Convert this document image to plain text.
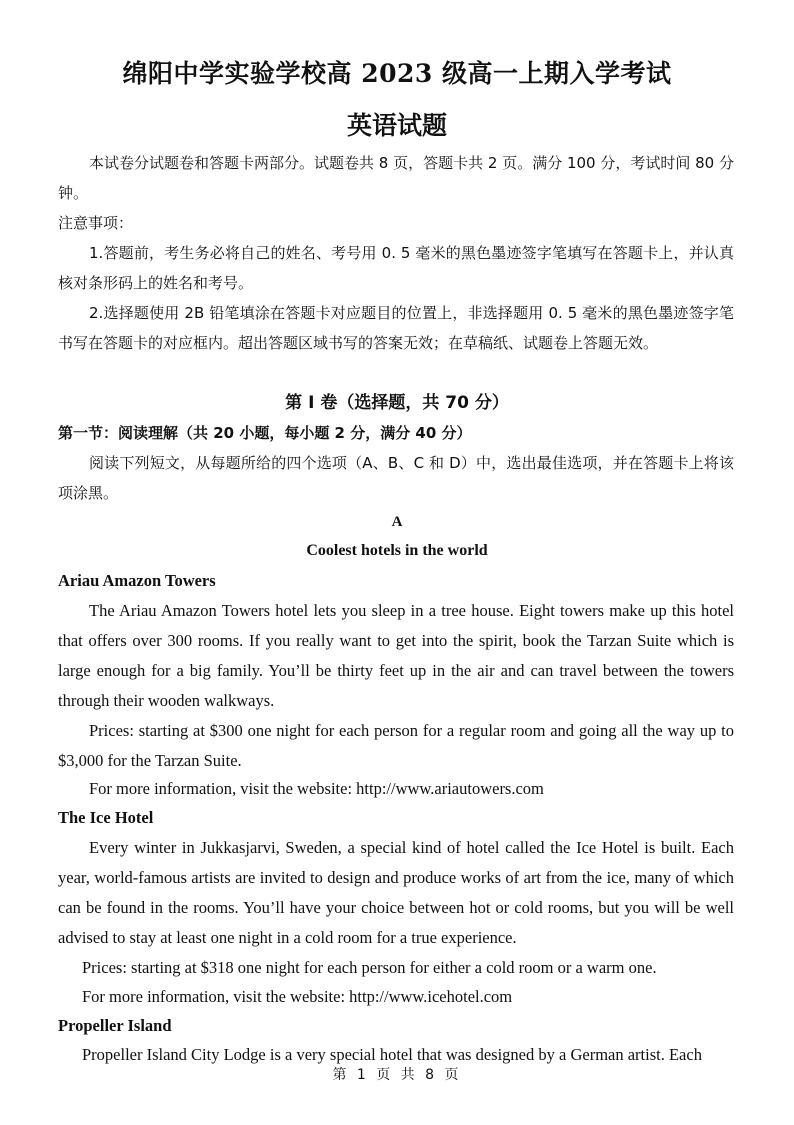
绵阳中学实验学校高 2023 级高一上期入学考试
英语试题
本试卷分试题卷和答题卡两部分。试题卷共 8 页，答题卡共 2 页。满分 100 分，考试时间 80 分钟。
注意事项：
1.答题前，考生务必将自己的姓名、考号用 0. 5 毫米的黑色墨迹签字笔填写在答题卡上，并认真核对条形码上的姓名和考号。
2.选择题使用 2B 铅笔填涂在答题卡对应题目的位置上，非选择题用 0. 5 毫米的黑色墨迹签字笔书写在答题卡的对应框内。超出答题区域书写的答案无效；在草稿纸、试题卷上答题无效。
第 I 卷（选择题，共 70 分）
第一节：阅读理解（共 20 小题，每小题 2 分，满分 40 分）
阅读下列短文，从每题所给的四个选项（A、B、C 和 D）中，选出最佳选项，并在答题卡上将该项涂黑。
A
Coolest hotels in the world
Ariau Amazon Towers
The Ariau Amazon Towers hotel lets you sleep in a tree house. Eight towers make up this hotel that offers over 300 rooms. If you really want to get into the spirit, book the Tarzan Suite which is large enough for a big family. You’ll be thirty feet up in the air and can travel between the towers through their wooden walkways.
Prices: starting at $300 one night for each person for a regular room and going all the way up to $3,000 for the Tarzan Suite.
For more information, visit the website: http://www.ariautowers.com
The Ice Hotel
Every winter in Jukkasjarvi, Sweden, a special kind of hotel called the Ice Hotel is built. Each year, world-famous artists are invited to design and produce works of art from the ice, many of which can be found in the rooms. You’ll have your choice between hot or cold rooms, but you will be well advised to stay at least one night in a cold room for a true experience.
Prices: starting at $318 one night for each person for either a cold room or a warm one.
For more information, visit the website: http://www.icehotel.com
Propeller Island
Propeller Island City Lodge is a very special hotel that was designed by a German artist. Each
第 1 页 共 8 页
